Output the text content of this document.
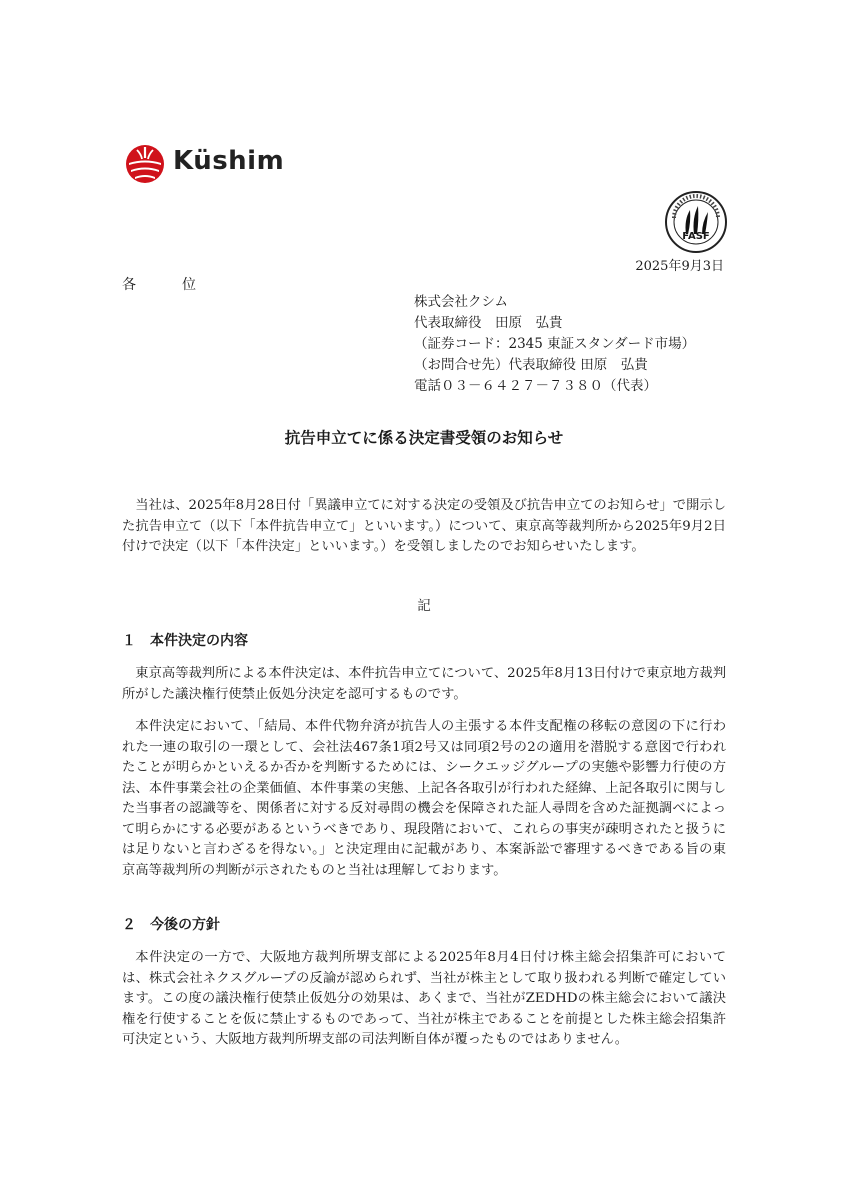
Küshim
FASF
2025年9月3日
各	位
株式会社クシム
代表取締役　田原　弘貴
（証券コード：2345 東証スタンダード市場）
（お問合せ先）代表取締役 田原　弘貴
電話０３－６４２７－７３８０（代表）
抗告申立てに係る決定書受領のお知らせ

当社は、2025年8月28日付「異議申立てに対する決定の受領及び抗告申立てのお知らせ」で開示した抗告申立て（以下「本件抗告申立て」といいます。）について、東京高等裁判所から2025年9月2日付けで決定（以下「本件決定」といいます。）を受領しましたのでお知らせいたします。

記
１ 本件決定の内容

東京高等裁判所による本件決定は、本件抗告申立てについて、2025年8月13日付けで東京地方裁判所がした議決権行使禁止仮処分決定を認可するものです。

本件決定において、「結局、本件代物弁済が抗告人の主張する本件支配権の移転の意図の下に行われた一連の取引の一環として、会社法467条1項2号又は同項2号の2の適用を潜脱する意図で行われたことが明らかといえるか否かを判断するためには、シークエッジグループの実態や影響力行使の方法、本件事業会社の企業価値、本件事業の実態、上記各各取引が行われた経緯、上記各取引に関与した当事者の認識等を、関係者に対する反対尋問の機会を保障された証人尋問を含めた証拠調べによって明らかにする必要があるというべきであり、現段階において、これらの事実が疎明されたと扱うには足りないと言わざるを得ない。」と決定理由に記載があり、本案訴訟で審理するべきである旨の東京高等裁判所の判断が示されたものと当社は理解しております。

２ 今後の方針

本件決定の一方で、大阪地方裁判所堺支部による2025年8月4日付け株主総会招集許可においては、株式会社ネクスグループの反論が認められず、当社が株主として取り扱われる判断で確定しています。この度の議決権行使禁止仮処分の効果は、あくまで、当社がZEDHDの株主総会において議決権を行使することを仮に禁止するものであって、当社が株主であることを前提とした株主総会招集許可決定という、大阪地方裁判所堺支部の司法判断自体が覆ったものではありません。
